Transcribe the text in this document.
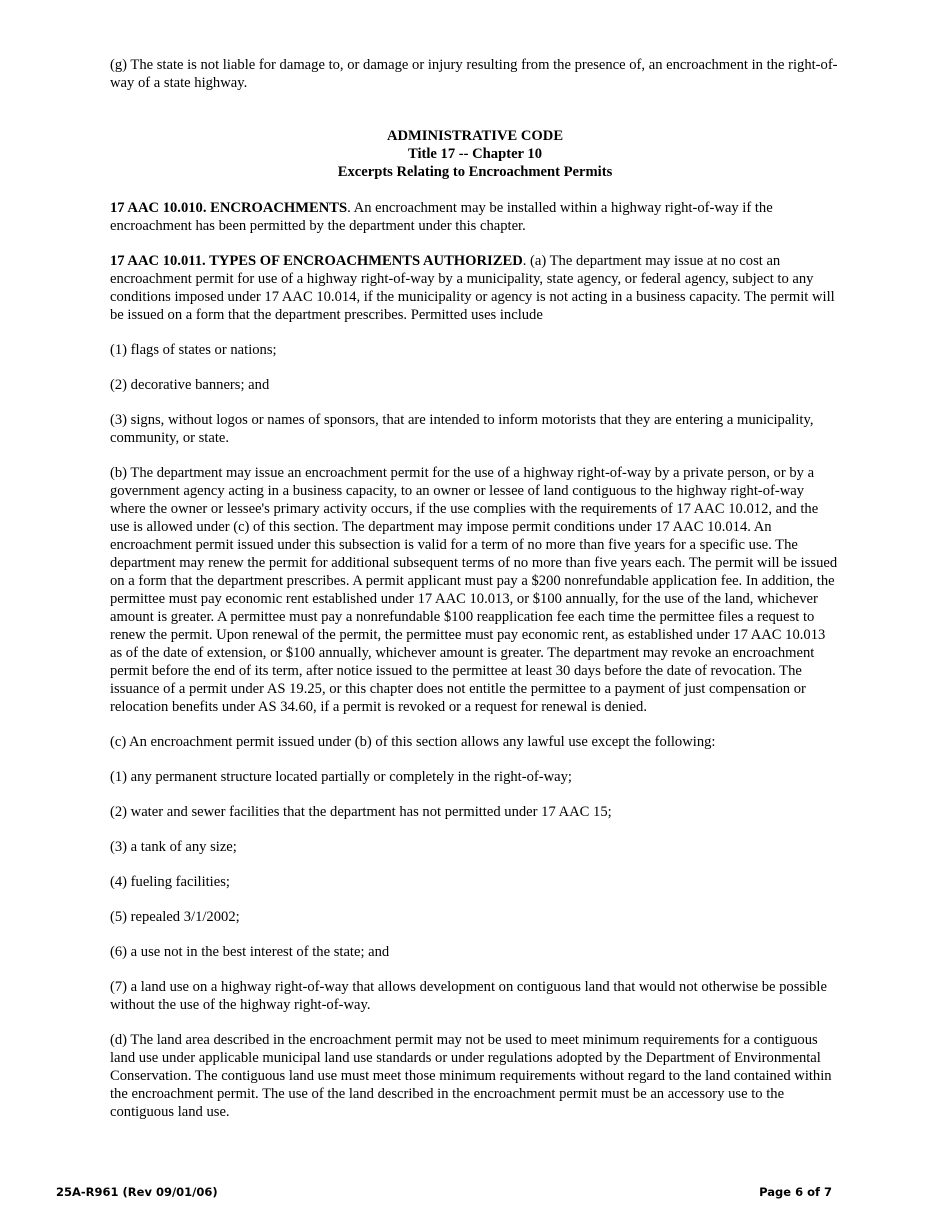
(g) The state is not liable for damage to, or damage or injury resulting from the presence of, an encroachment in the right-of-way of a state highway.

ADMINISTRATIVE CODE
Title 17 -- Chapter 10
Excerpts Relating to Encroachment Permits

17 AAC 10.010. ENCROACHMENTS. An encroachment may be installed within a highway right-of-way if the encroachment has been permitted by the department under this chapter.

17 AAC 10.011. TYPES OF ENCROACHMENTS AUTHORIZED. (a) The department may issue at no cost an encroachment permit for use of a highway right-of-way by a municipality, state agency, or federal agency, subject to any conditions imposed under 17 AAC 10.014, if the municipality or agency is not acting in a business capacity. The permit will be issued on a form that the department prescribes. Permitted uses include

(1) flags of states or nations;

(2) decorative banners; and

(3) signs, without logos or names of sponsors, that are intended to inform motorists that they are entering a municipality, community, or state.

(b) The department may issue an encroachment permit for the use of a highway right-of-way by a private person, or by a government agency acting in a business capacity, to an owner or lessee of land contiguous to the highway right-of-way where the owner or lessee's primary activity occurs, if the use complies with the requirements of 17 AAC 10.012, and the use is allowed under (c) of this section. The department may impose permit conditions under 17 AAC 10.014. An encroachment permit issued under this subsection is valid for a term of no more than five years for a specific use. The department may renew the permit for additional subsequent terms of no more than five years each. The permit will be issued on a form that the department prescribes. A permit applicant must pay a $200 nonrefundable application fee. In addition, the permittee must pay economic rent established under 17 AAC 10.013, or $100 annually, for the use of the land, whichever amount is greater. A permittee must pay a nonrefundable $100 reapplication fee each time the permittee files a request to renew the permit. Upon renewal of the permit, the permittee must pay economic rent, as established under 17 AAC 10.013 as of the date of extension, or $100 annually, whichever amount is greater. The department may revoke an encroachment permit before the end of its term, after notice issued to the permittee at least 30 days before the date of revocation. The issuance of a permit under AS 19.25, or this chapter does not entitle the permittee to a payment of just compensation or relocation benefits under AS 34.60, if a permit is revoked or a request for renewal is denied.

(c) An encroachment permit issued under (b) of this section allows any lawful use except the following:

(1) any permanent structure located partially or completely in the right-of-way;

(2) water and sewer facilities that the department has not permitted under 17 AAC 15;

(3) a tank of any size;

(4) fueling facilities;

(5) repealed 3/1/2002;

(6) a use not in the best interest of the state; and

(7) a land use on a highway right-of-way that allows development on contiguous land that would not otherwise be possible without the use of the highway right-of-way.

(d) The land area described in the encroachment permit may not be used to meet minimum requirements for a contiguous land use under applicable municipal land use standards or under regulations adopted by the Department of Environmental Conservation. The contiguous land use must meet those minimum requirements without regard to the land contained within the encroachment permit. The use of the land described in the encroachment permit must be an accessory use to the contiguous land use.

25A-R961 (Rev 09/01/06)	Page 6 of 7
